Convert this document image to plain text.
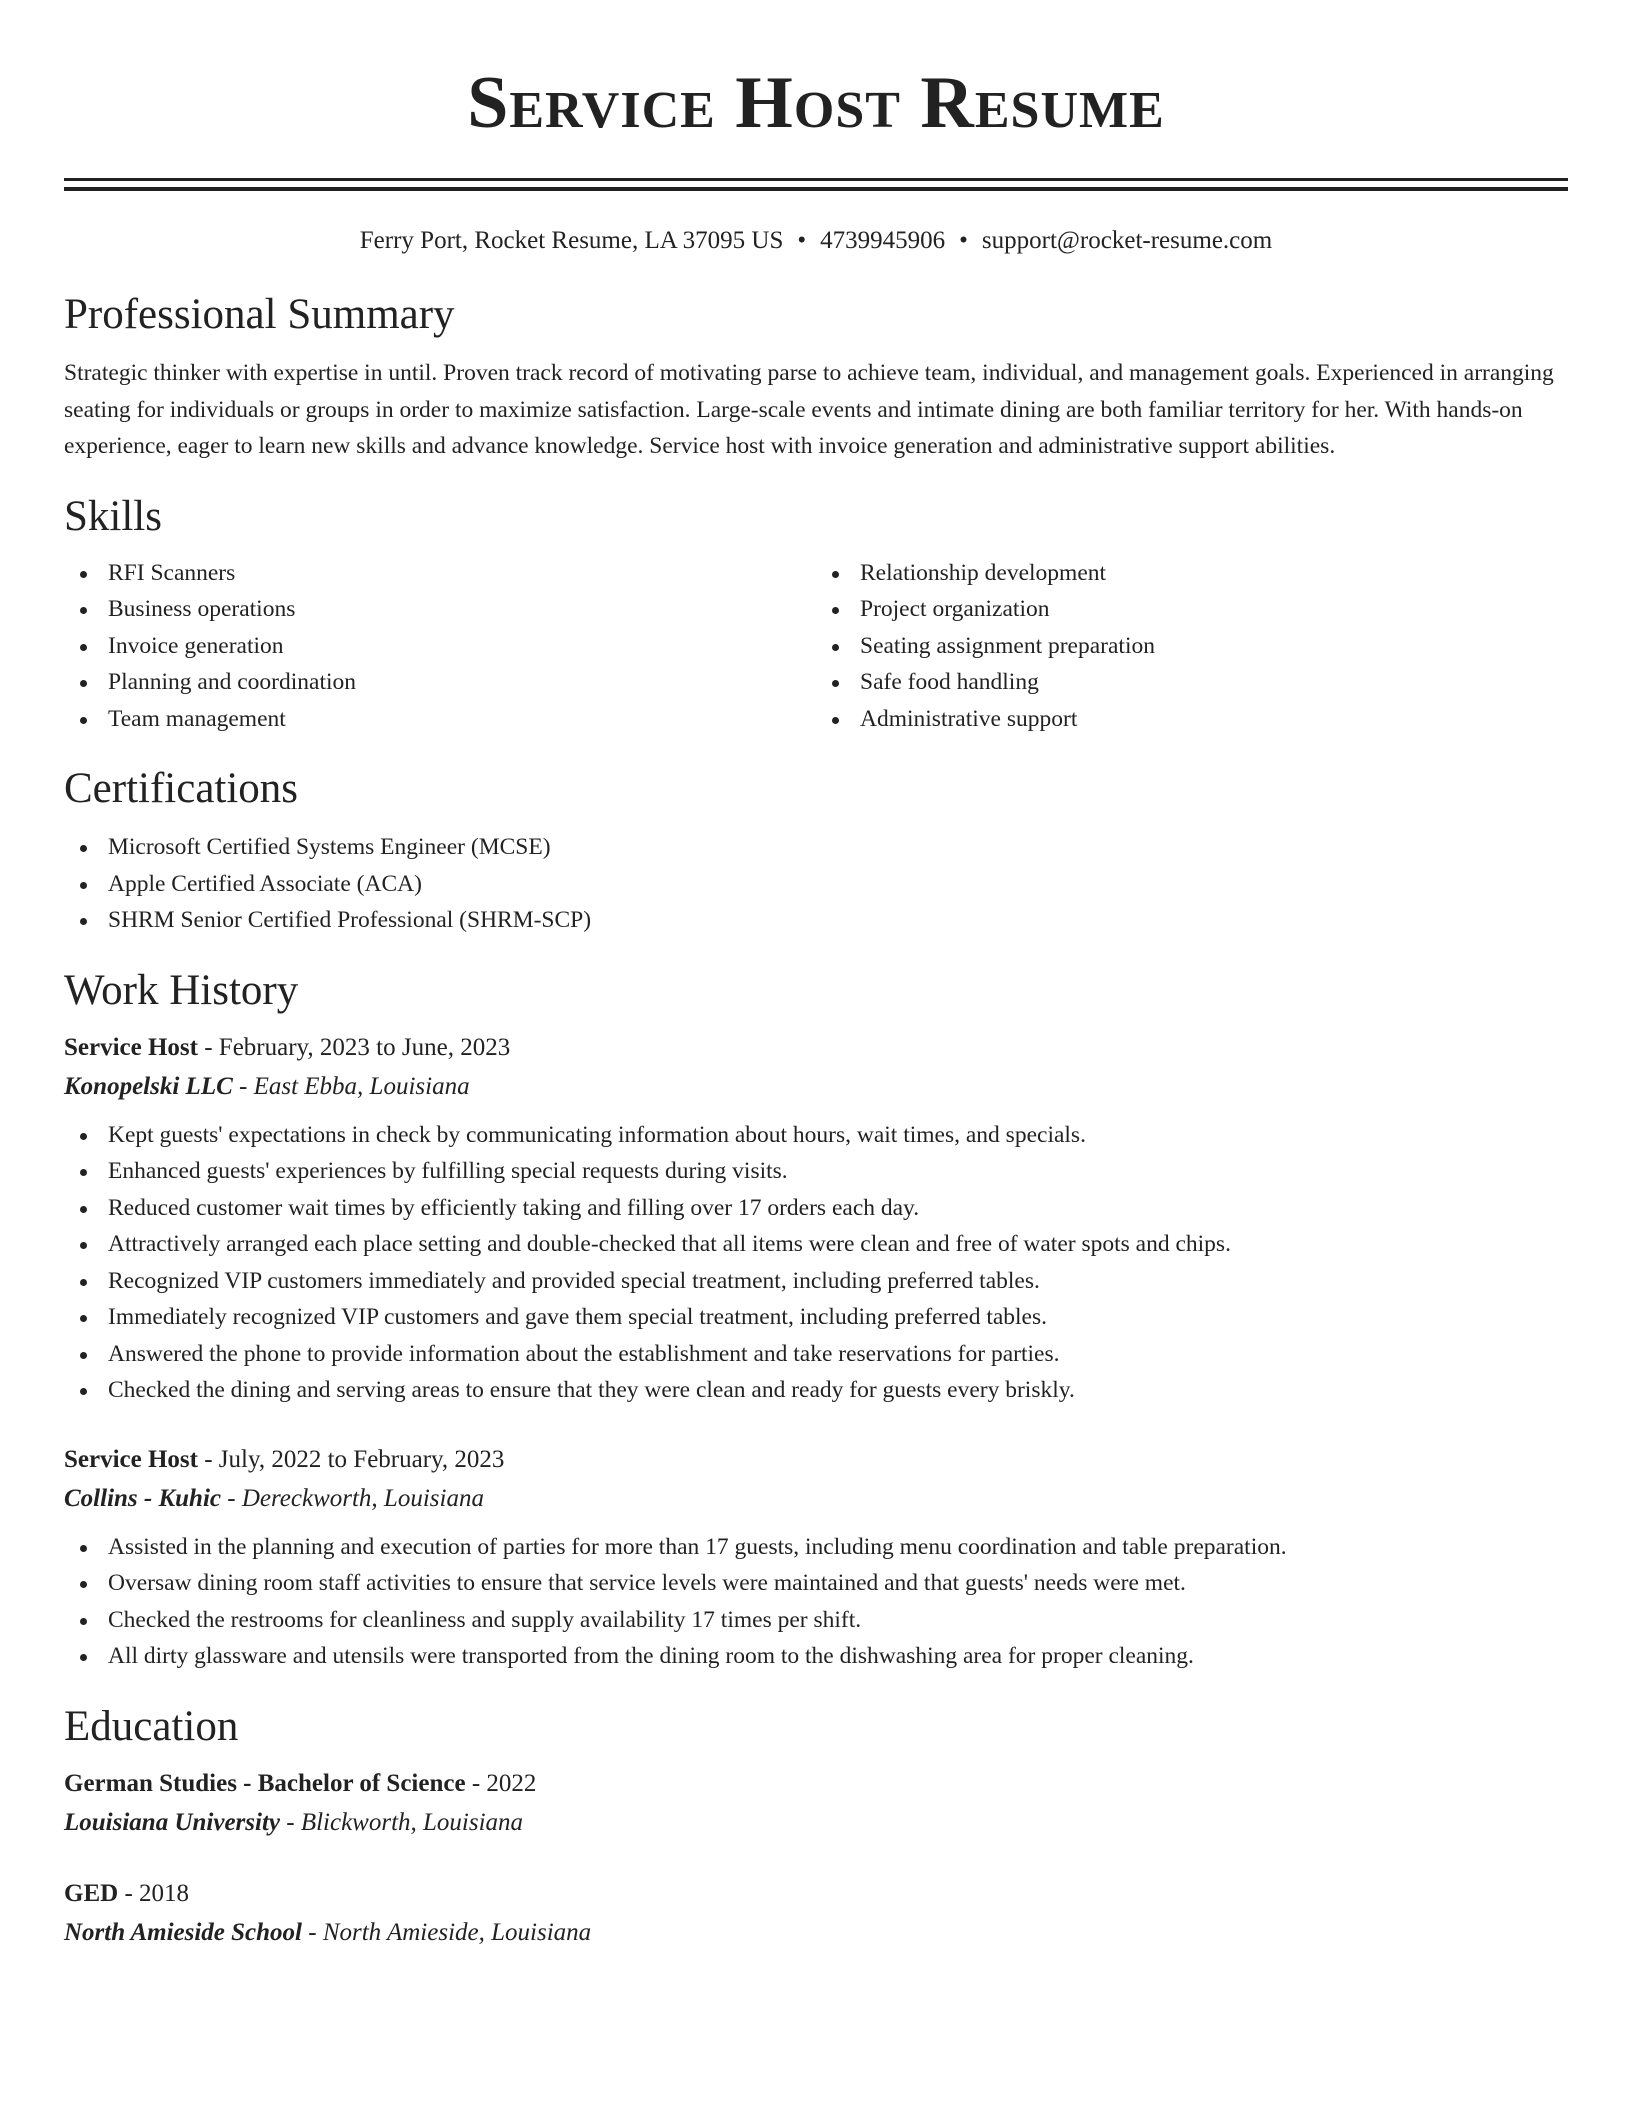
Service Host Resume
Ferry Port, Rocket Resume, LA 37095 US • 4739945906 • support@rocket-resume.com
Professional Summary

Strategic thinker with expertise in until. Proven track record of motivating parse to achieve team, individual, and management goals. Experienced in arranging seating for individuals or groups in order to maximize satisfaction. Large-scale events and intimate dining are both familiar territory for her. With hands-on experience, eager to learn new skills and advance knowledge. Service host with invoice generation and administrative support abilities.

Skills
RFI Scanners
Business operations
Invoice generation
Planning and coordination
Team management
Relationship development
Project organization
Seating assignment preparation
Safe food handling
Administrative support
Certifications
Microsoft Certified Systems Engineer (MCSE)
Apple Certified Associate (ACA)
SHRM Senior Certified Professional (SHRM-SCP)
Work History
Service Host - February, 2023 to June, 2023
Konopelski LLC - East Ebba, Louisiana
Kept guests' expectations in check by communicating information about hours, wait times, and specials.
Enhanced guests' experiences by fulfilling special requests during visits.
Reduced customer wait times by efficiently taking and filling over 17 orders each day.
Attractively arranged each place setting and double-checked that all items were clean and free of water spots and chips.
Recognized VIP customers immediately and provided special treatment, including preferred tables.
Immediately recognized VIP customers and gave them special treatment, including preferred tables.
Answered the phone to provide information about the establishment and take reservations for parties.
Checked the dining and serving areas to ensure that they were clean and ready for guests every briskly.
Service Host - July, 2022 to February, 2023
Collins - Kuhic - Dereckworth, Louisiana
Assisted in the planning and execution of parties for more than 17 guests, including menu coordination and table preparation.
Oversaw dining room staff activities to ensure that service levels were maintained and that guests' needs were met.
Checked the restrooms for cleanliness and supply availability 17 times per shift.
All dirty glassware and utensils were transported from the dining room to the dishwashing area for proper cleaning.
Education
German Studies - Bachelor of Science - 2022
Louisiana University - Blickworth, Louisiana
GED - 2018
North Amieside School - North Amieside, Louisiana
